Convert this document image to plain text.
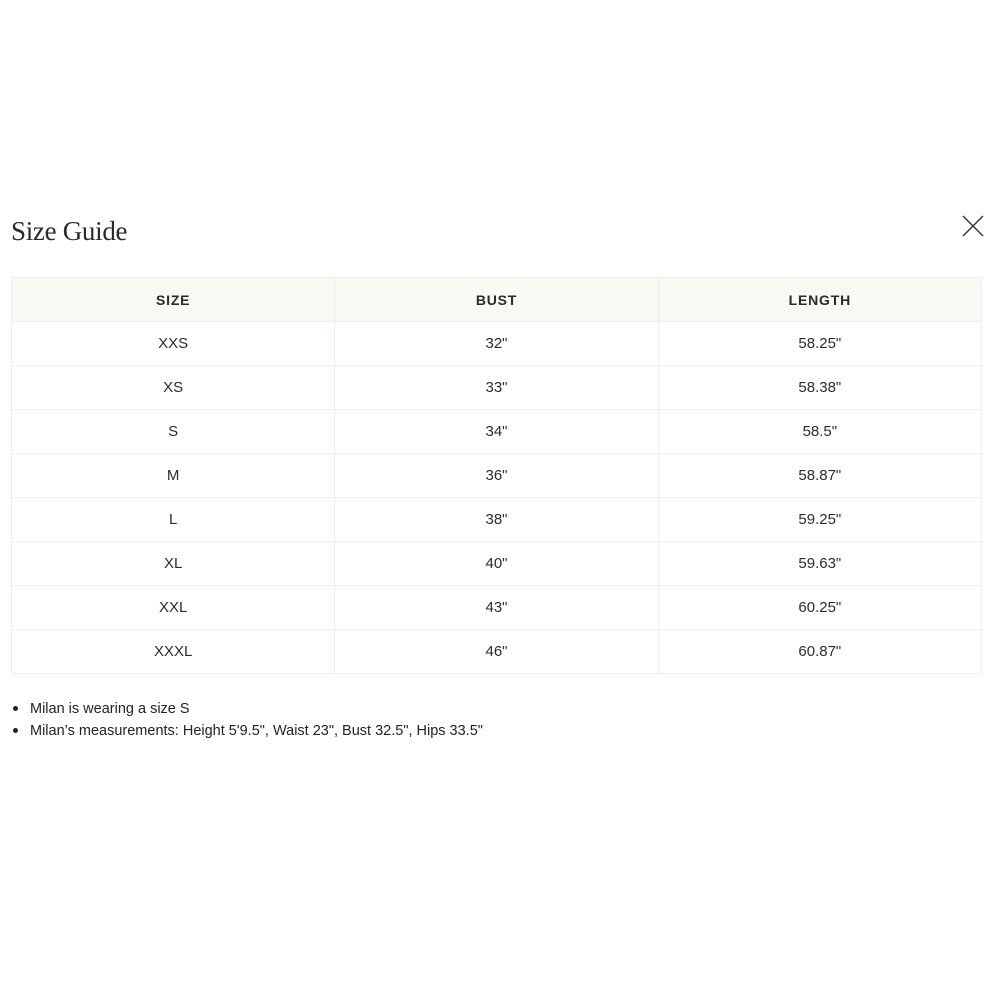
Size Guide
SIZE	BUST	LENGTH
XXS	32"	58.25"
XS	33"	58.38"
S	34"	58.5"
M	36"	58.87"
L	38"	59.25"
XL	40"	59.63"
XXL	43"	60.25"
XXXL	46"	60.87"
Milan is wearing a size S
Milan’s measurements: Height 5'9.5", Waist 23", Bust 32.5", Hips 33.5"
